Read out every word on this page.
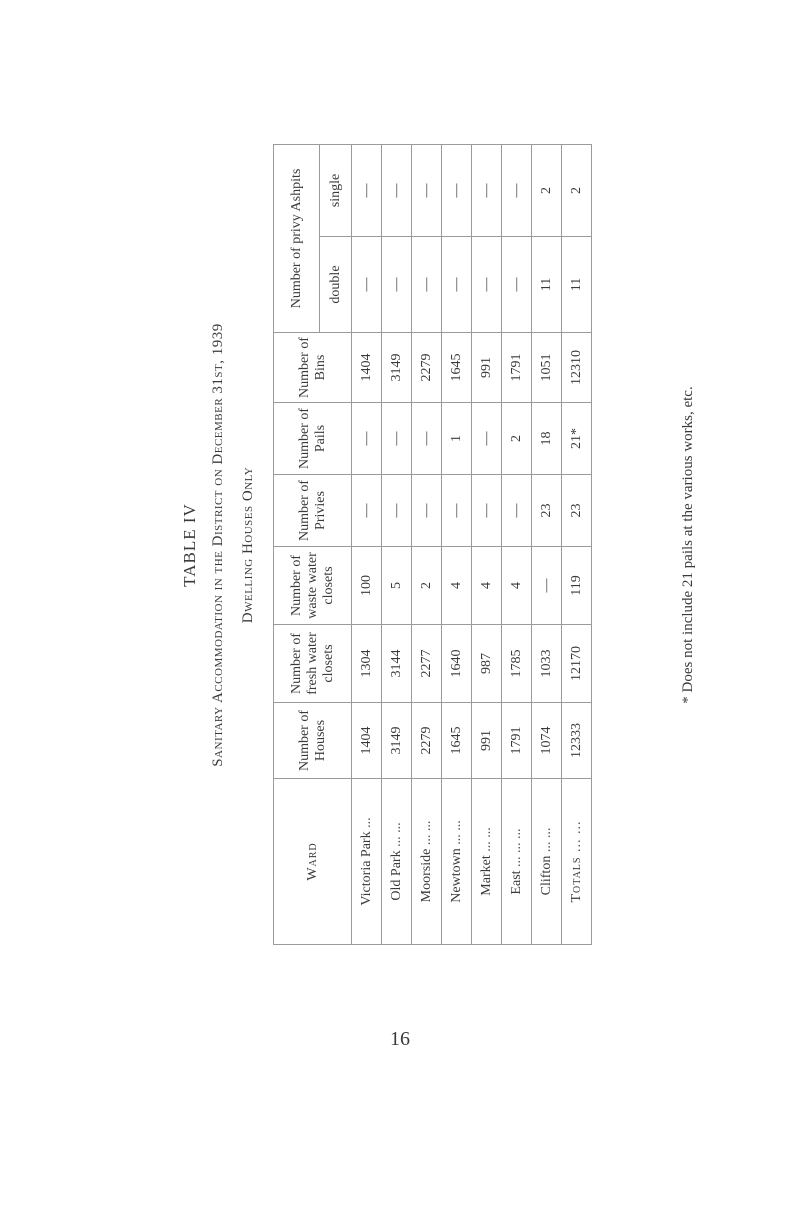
TABLE IV Sanitary Accommodation in the District on December 31st, 1939 Dwelling Houses Only
Ward	Number of Houses	Number of fresh water closets	Number of waste water closets	Number of Privies	Number of Pails	Number of Bins	Number of privy Ashpits	
							double	single
Victoria Park ...	1404	1304	100	—	—	1404	—	—
Old Park ... ...	3149	3144	5	—	—	3149	—	—
Moorside ... ...	2279	2277	2	—	—	2279	—	—
Newtown ... ...	1645	1640	4	—	1	1645	—	—
Market ... ...	991	987	4	—	—	991	—	—
East ... ... ...	1791	1785	4	—	2	1791	—	—
Clifton ... ...	1074	1033	—	23	18	1051	11	2
Totals ... ...	12333	12170	119	23	21*	12310	11	2
* Does not include 21 pails at the various works, etc.
16
